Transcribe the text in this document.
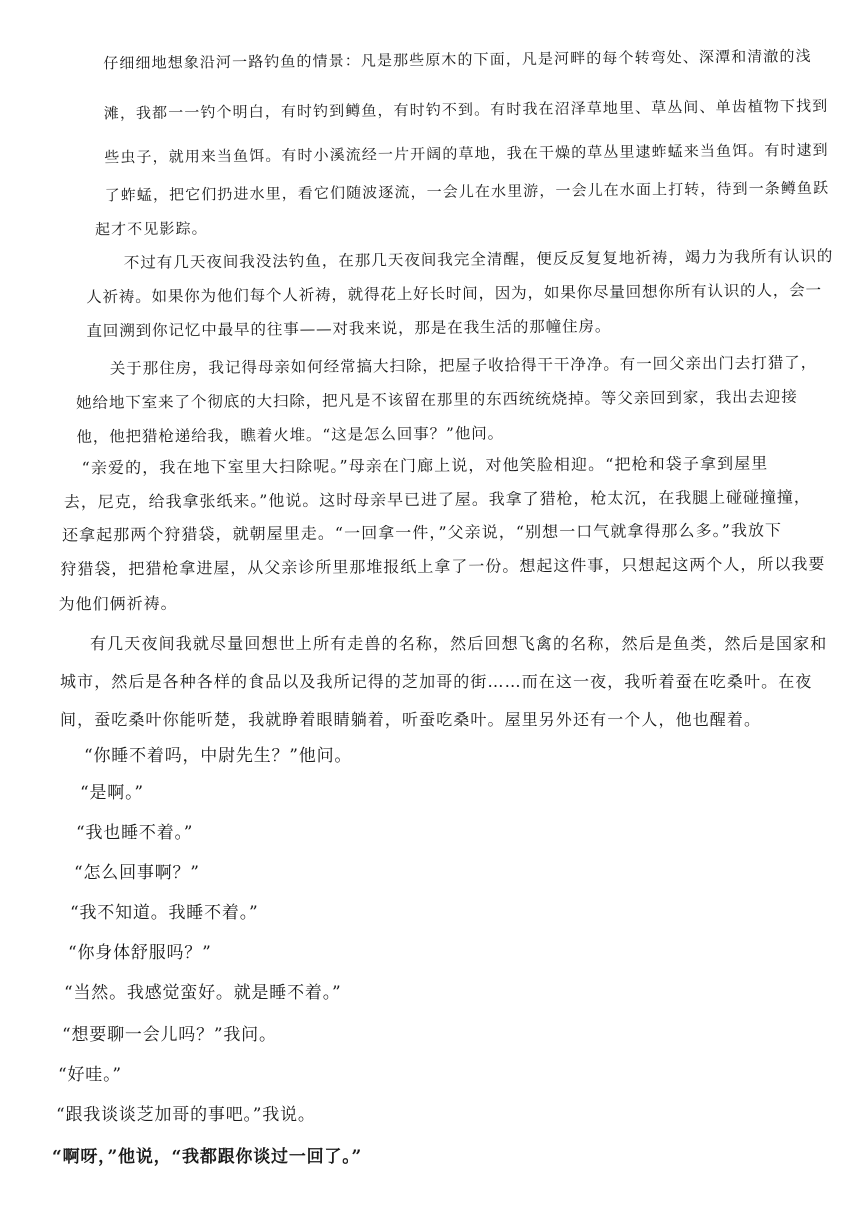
仔细细地想象沿河一路钓鱼的情景：凡是那些原木的下面，凡是河畔的每个转弯处、深潭和清澈的浅
滩，我都一一钓个明白，有时钓到鳟鱼，有时钓不到。有时我在沼泽草地里、草丛间、单齿植物下找到
些虫子，就用来当鱼饵。有时小溪流经一片开阔的草地，我在干燥的草丛里逮蚱蜢来当鱼饵。有时逮到
了蚱蜢，把它们扔进水里，看它们随波逐流，一会儿在水里游，一会儿在水面上打转，待到一条鳟鱼跃
起才不见影踪。
不过有几天夜间我没法钓鱼，在那几天夜间我完全清醒，便反反复复地祈祷，竭力为我所有认识的
人祈祷。如果你为他们每个人祈祷，就得花上好长时间，因为，如果你尽量回想你所有认识的人，会一
直回溯到你记忆中最早的往事——对我来说，那是在我生活的那幢住房。
关于那住房，我记得母亲如何经常搞大扫除，把屋子收拾得干干净净。有一回父亲出门去打猎了，
她给地下室来了个彻底的大扫除，把凡是不该留在那里的东西统统烧掉。等父亲回到家，我出去迎接
他，他把猎枪递给我，瞧着火堆。“这是怎么回事？”他问。
“亲爱的，我在地下室里大扫除呢。”母亲在门廊上说，对他笑脸相迎。“把枪和袋子拿到屋里
去，尼克，给我拿张纸来。”他说。这时母亲早已进了屋。我拿了猎枪，枪太沉，在我腿上碰碰撞撞，
还拿起那两个狩猎袋，就朝屋里走。“一回拿一件，”父亲说，“别想一口气就拿得那么多。”我放下
狩猎袋，把猎枪拿进屋，从父亲诊所里那堆报纸上拿了一份。想起这件事，只想起这两个人，所以我要
为他们俩祈祷。
有几天夜间我就尽量回想世上所有走兽的名称，然后回想飞禽的名称，然后是鱼类，然后是国家和
城市，然后是各种各样的食品以及我所记得的芝加哥的街……而在这一夜，我听着蚕在吃桑叶。在夜
间，蚕吃桑叶你能听楚，我就睁着眼睛躺着，听蚕吃桑叶。屋里另外还有一个人，他也醒着。
“你睡不着吗，中尉先生？”他问。
“是啊。”
“我也睡不着。”
“怎么回事啊？”
“我不知道。我睡不着。”
“你身体舒服吗？”
“当然。我感觉蛮好。就是睡不着。”
“想要聊一会儿吗？”我问。
“好哇。”
“跟我谈谈芝加哥的事吧。”我说。
“啊呀，”他说，“我都跟你谈过一回了。”
